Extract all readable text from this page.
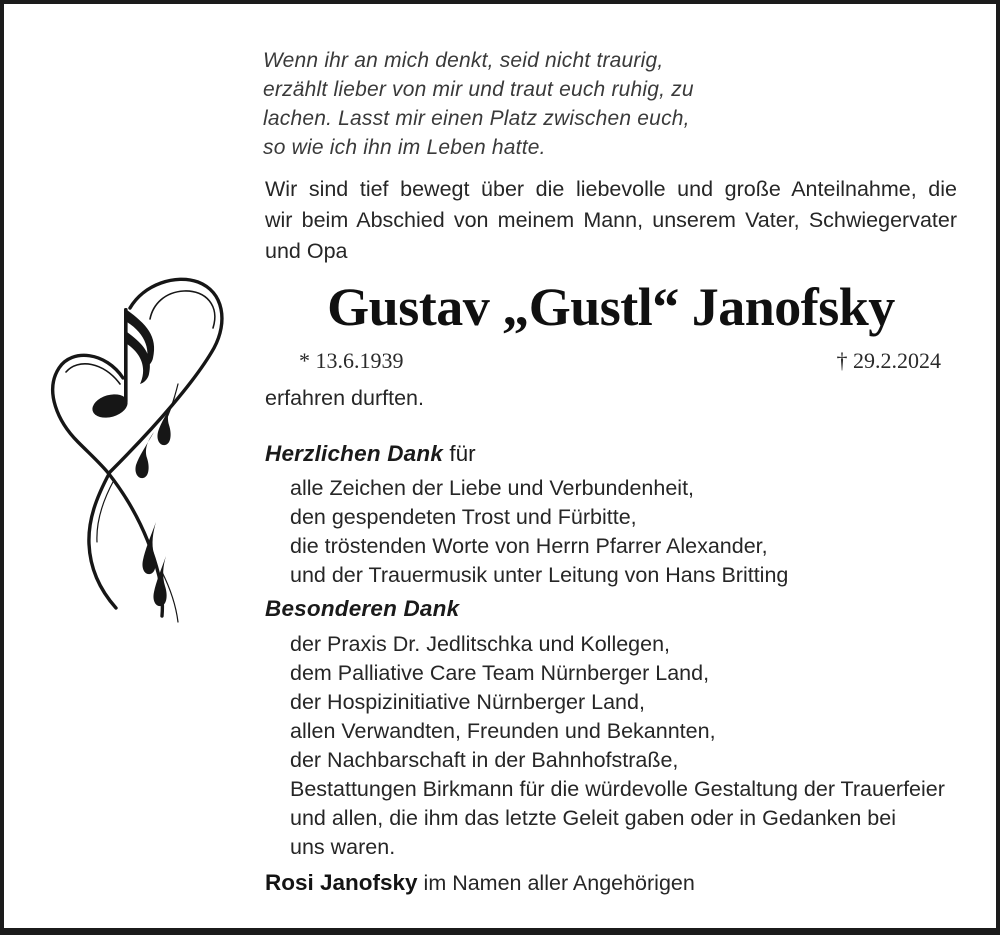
Wenn ihr an mich denkt, seid nicht traurig,
erzählt lieber von mir und traut euch ruhig, zu
lachen. Lasst mir einen Platz zwischen euch,
so wie ich ihn im Leben hatte.
Wir sind tief bewegt über die liebevolle und große Anteilnahme, die
wir beim Abschied von meinem Mann, unserem Vater, Schwiegervater
und Opa
Gustav „Gustl“ Janofsky
* 13.6.1939	† 29.2.2024
erfahren durften.
Herzlichen Dank für
alle Zeichen der Liebe und Verbundenheit,
den gespendeten Trost und Fürbitte,
die tröstenden Worte von Herrn Pfarrer Alexander,
und der Trauermusik unter Leitung von Hans Britting
Besonderen Dank
der Praxis Dr. Jedlitschka und Kollegen,
dem Palliative Care Team Nürnberger Land,
der Hospizinitiative Nürnberger Land,
allen Verwandten, Freunden und Bekannten,
der Nachbarschaft in der Bahnhofstraße,
Bestattungen Birkmann für die würdevolle Gestaltung der Trauerfeier
und allen, die ihm das letzte Geleit gaben oder in Gedanken bei
uns waren.
Rosi Janofsky im Namen aller Angehörigen
